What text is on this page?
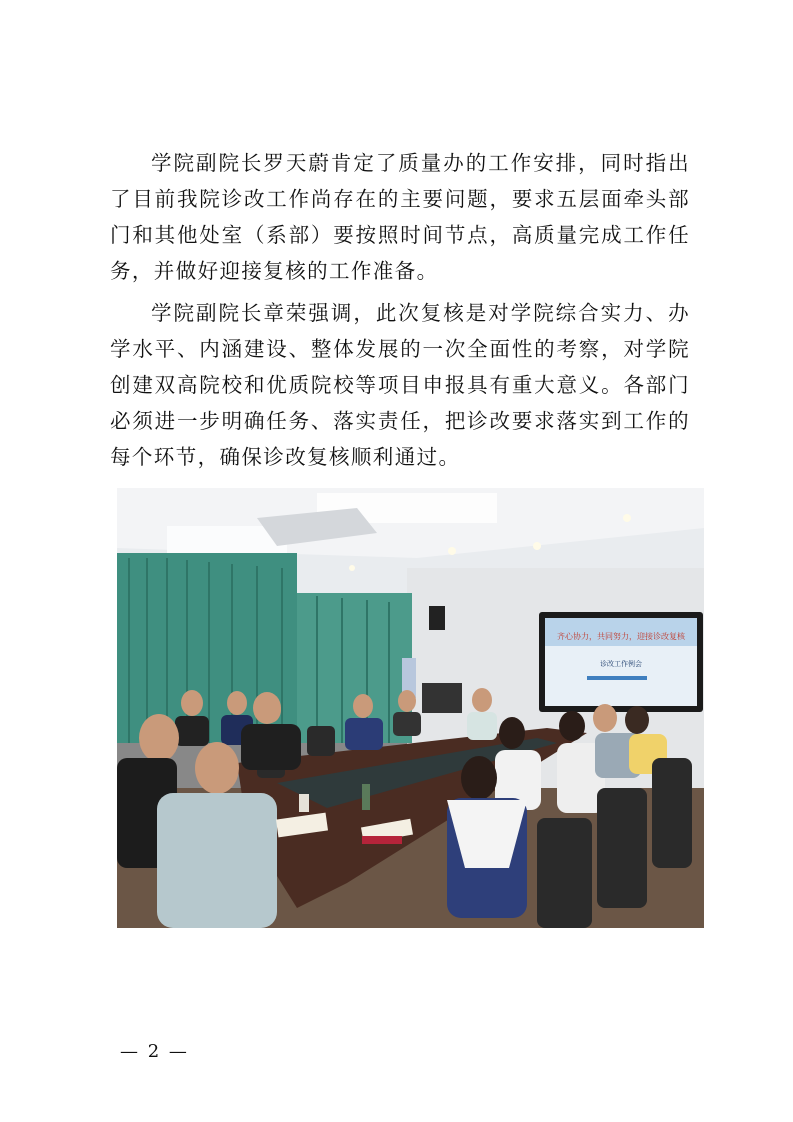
学院副院长罗天蔚肯定了质量办的工作安排，同时指出了目前我院诊改工作尚存在的主要问题，要求五层面牵头部门和其他处室（系部）要按照时间节点，高质量完成工作任务，并做好迎接复核的工作准备。

学院副院长章荣强调，此次复核是对学院综合实力、办学水平、内涵建设、整体发展的一次全面性的考察，对学院创建双高院校和优质院校等项目申报具有重大意义。各部门必须进一步明确任务、落实责任，把诊改要求落实到工作的每个环节，确保诊改复核顺利通过。

齐心协力，共同努力，迎接诊改复核
诊改工作例会
— 2 —
